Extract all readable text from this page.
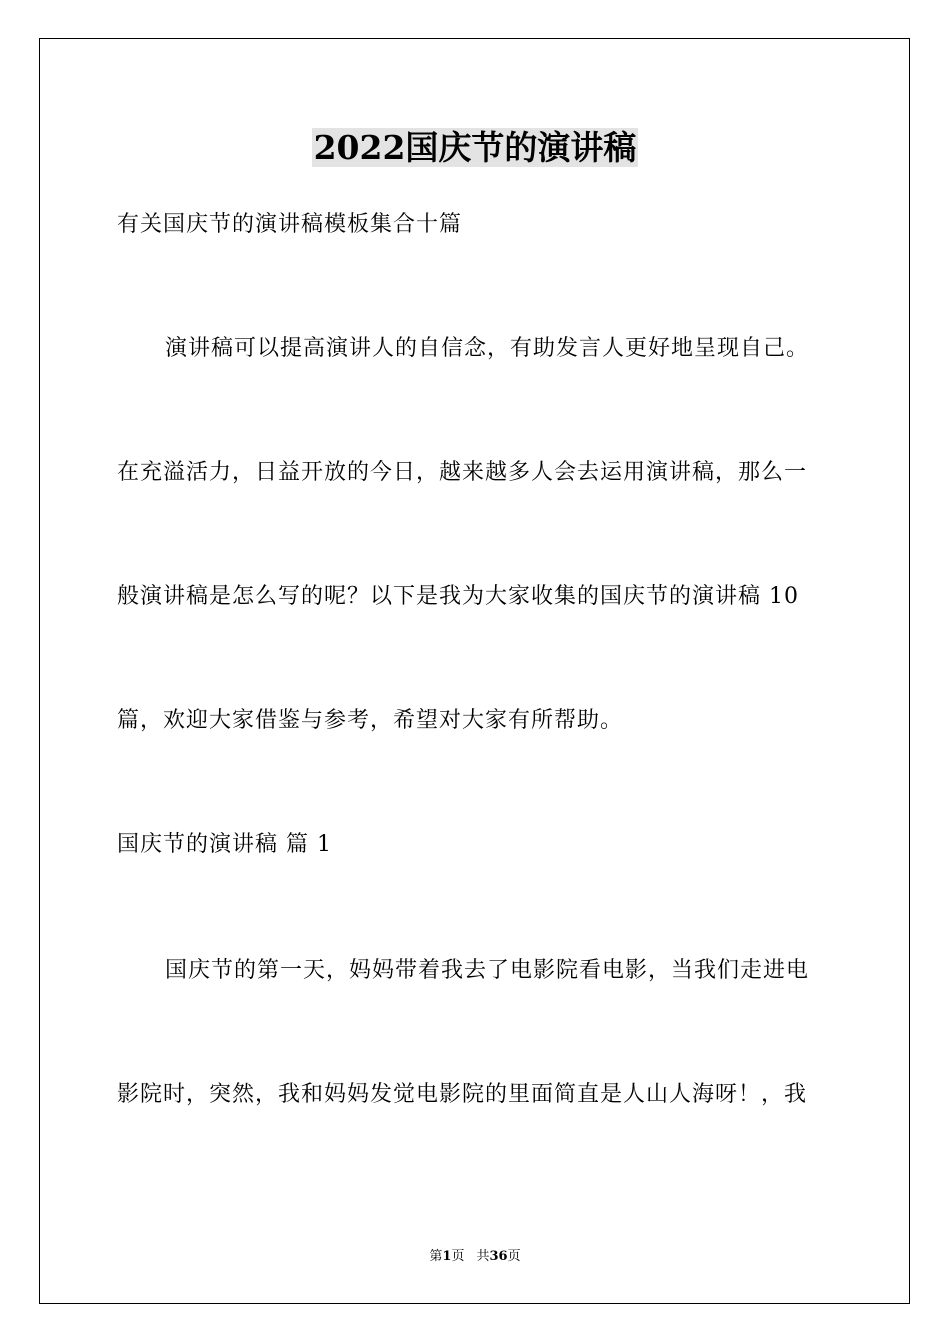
2022国庆节的演讲稿
有关国庆节的演讲稿模板集合十篇
演讲稿可以提高演讲人的自信念，有助发言人更好地呈现自己。
在充溢活力，日益开放的今日，越来越多人会去运用演讲稿，那么一
般演讲稿是怎么写的呢？以下是我为大家收集的国庆节的演讲稿 10
篇，欢迎大家借鉴与参考，希望对大家有所帮助。
国庆节的演讲稿 篇 1
国庆节的第一天，妈妈带着我去了电影院看电影，当我们走进电
影院时，突然，我和妈妈发觉电影院的里面简直是人山人海呀！，我
第1页 共36页
